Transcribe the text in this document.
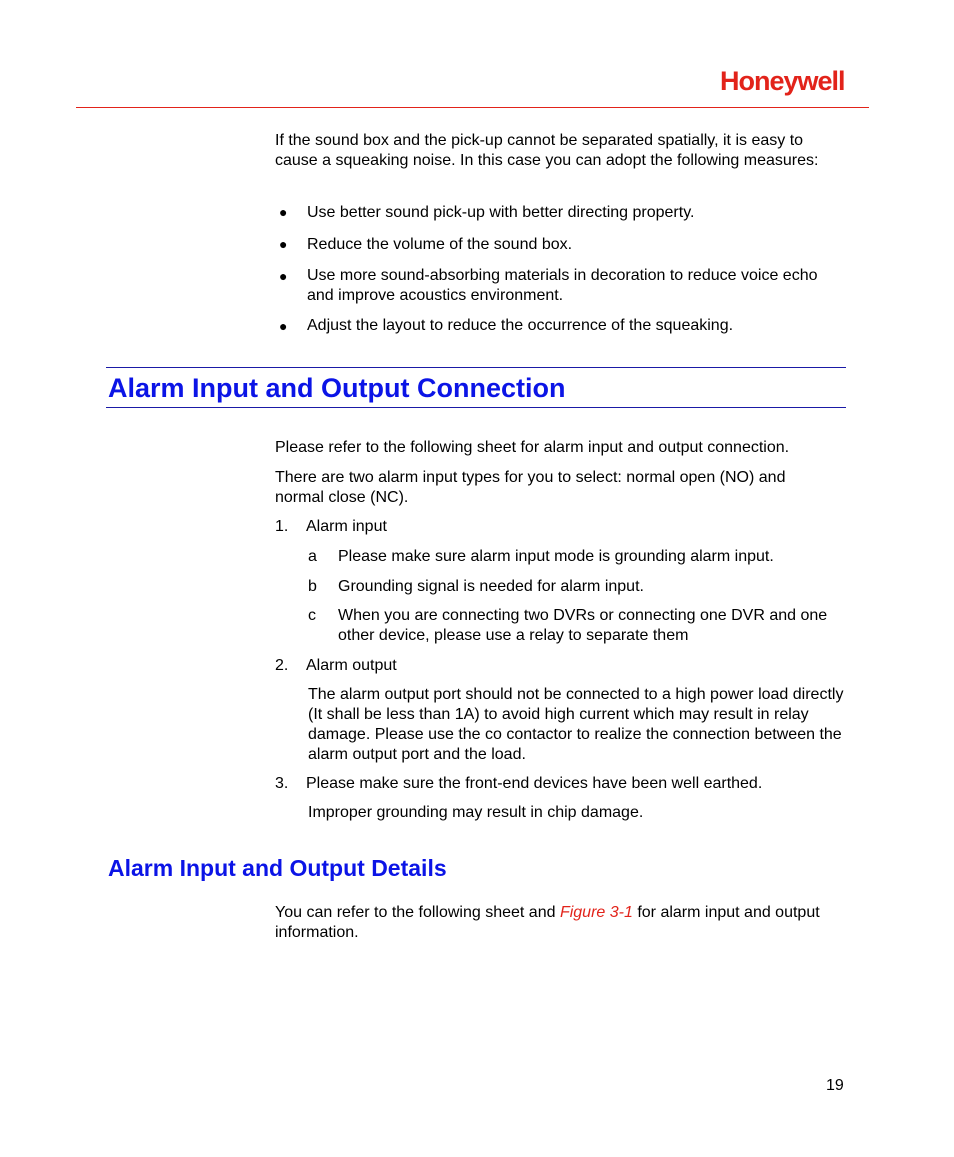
Honeywell

If the sound box and the pick-up cannot be separated spatially, it is easy to cause a squeaking noise. In this case you can adopt the following measures:

● Use better sound pick-up with better directing property.

● Reduce the volume of the sound box.

● Use more sound-absorbing materials in decoration to reduce voice echo and improve acoustics environment.

● Adjust the layout to reduce the occurrence of the squeaking.

Alarm Input and Output Connection

Please refer to the following sheet for alarm input and output connection.

There are two alarm input types for you to select: normal open (NO) and normal close (NC).

1. Alarm input
a Please make sure alarm input mode is grounding alarm input.

b Grounding signal is needed for alarm input.

c When you are connecting two DVRs or connecting one DVR and one other device, please use a relay to separate them

2. Alarm output

The alarm output port should not be connected to a high power load directly (It shall be less than 1A) to avoid high current which may result in relay damage. Please use the co contactor to realize the connection between the alarm output port and the load.

3. Please make sure the front-end devices have been well earthed.

Improper grounding may result in chip damage.

Alarm Input and Output Details

You can refer to the following sheet and Figure 3-1 for alarm input and output information.

19
